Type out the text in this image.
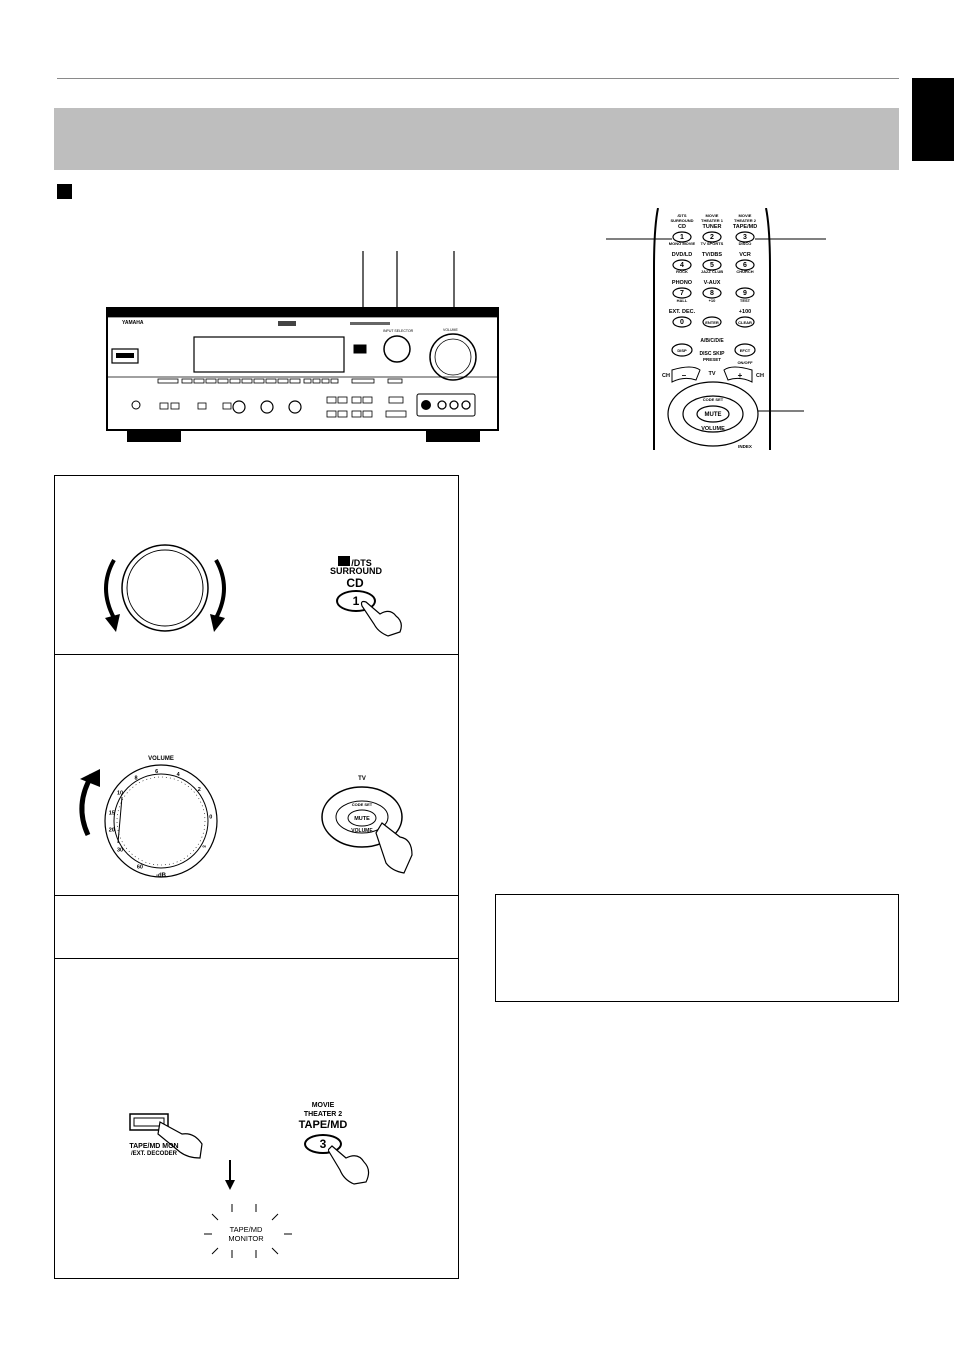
YAMAHA
INPUT SELECTOR	VOLUME
/DTS
SURROUND
CD
1
MOVIE
THEATER 1
TUNER
2
MOVIE
THEATER 2
TAPE/MD
3
MONO MOVIE
DVD/LD
4
TV SPORTS
TV/DBS
5
DISCO
VCR
6
ROCK
PHONO
7
JAZZ CLUB
V-AUX
8
CHURCH
9
HALL
EXT. DEC.
0
+10
ENTER
TEST
+100
CLEAR
A/B/C/D/E
DISP
DISC SKIP
PRESET
EFCT
ON/OFF
–	+
CH	CH
TV
CODE SET
MUTE
VOLUME
INDEX
/DTS
SURROUND
CD
1
VOLUME
60
30
20
15
10
8
6	4
2
0
∞
-dB
TV
CODE SET
MUTE
VOLUME
TAPE/MD MON
/EXT. DECODER
MOVIE
THEATER 2
TAPE/MD
3
TAPE/MD
MONITOR
